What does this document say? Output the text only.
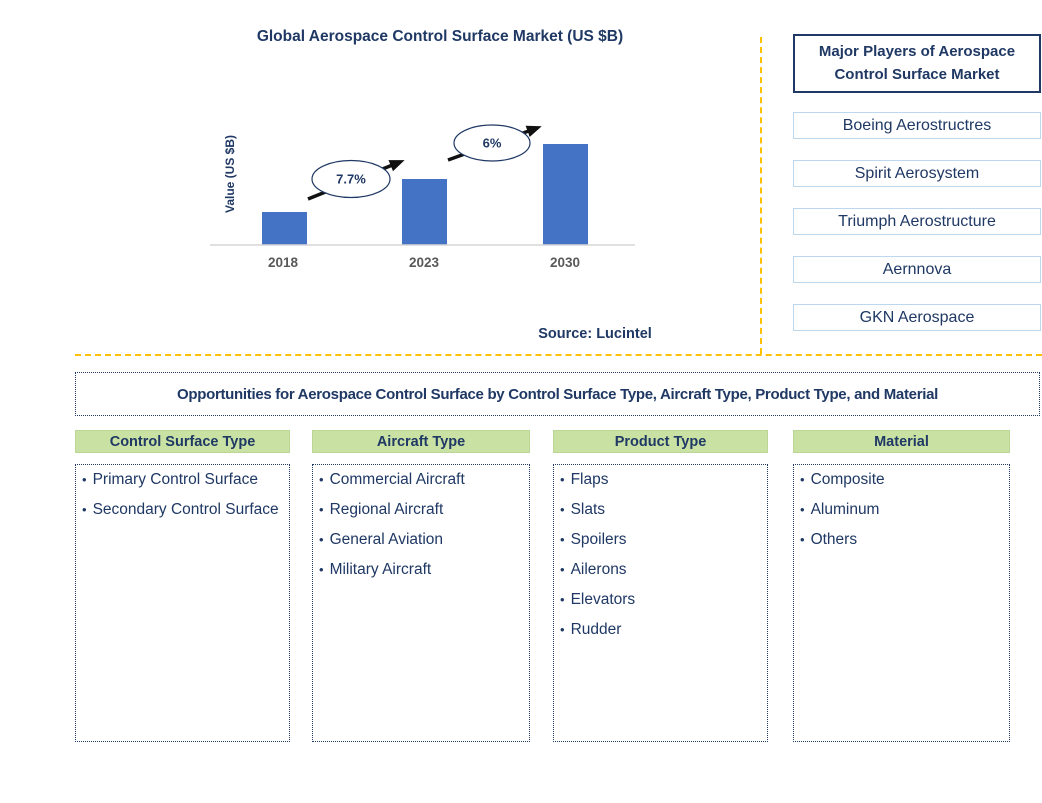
Global Aerospace Control Surface Market (US $B)
Value (US $B)	7.7%
6%
2018	2023	2030
Source: Lucintel
Major Players of Aerospace Control Surface Market
Boeing Aerostructres
Spirit Aerosystem
Triumph Aerostructure
Aernnova
GKN Aerospace
Opportunities for Aerospace Control Surface by Control Surface Type, Aircraft Type, Product Type, and Material
Control Surface Type
• Primary Control Surface
• Secondary Control Surface
Aircraft Type
• Commercial Aircraft
• Regional Aircraft
• General Aviation
• Military Aircraft
Product Type
• Flaps
• Slats
• Spoilers
• Ailerons
• Elevators
• Rudder
Material
• Composite
• Aluminum
• Others
